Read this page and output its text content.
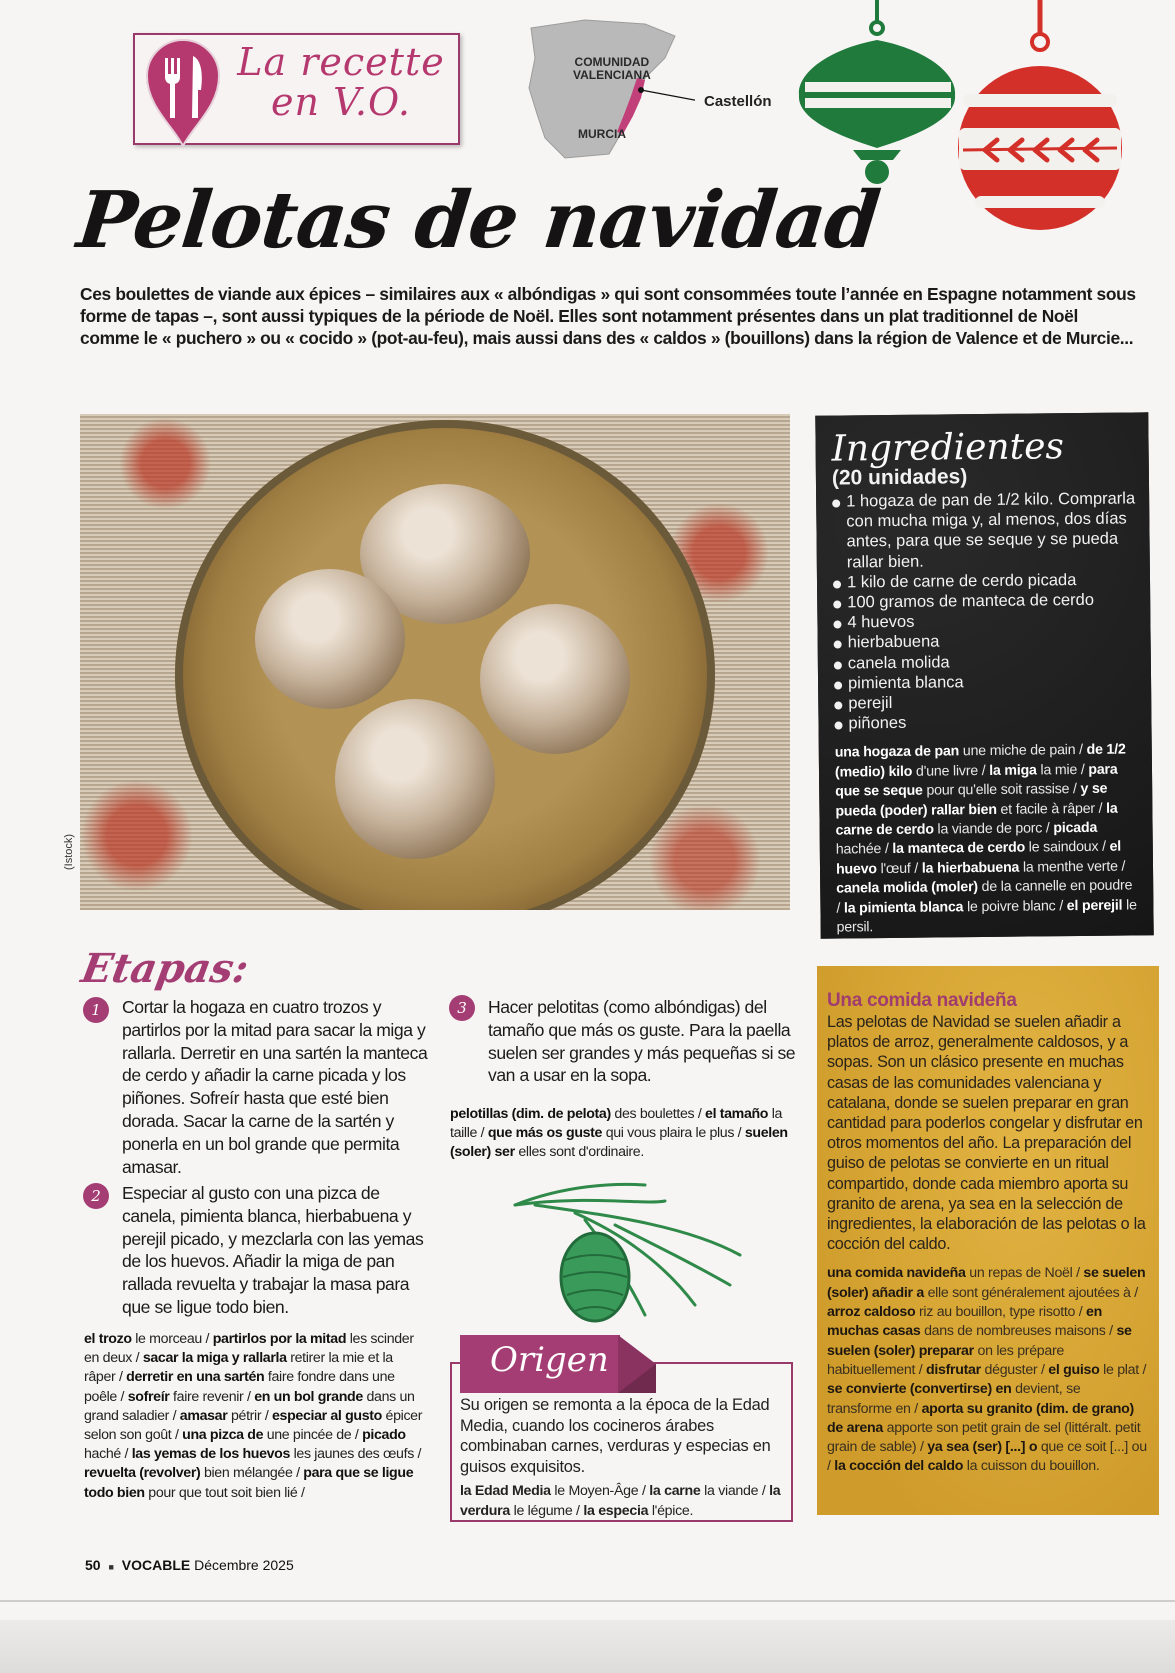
La recette
en V.O.
COMUNIDAD
VALENCIANA
MURCIA
Castellón
Pelotas de navidad

Ces boulettes de viande aux épices – similaires aux « albóndigas » qui sont consommées toute l’année en Espagne notamment sous forme de tapas –, sont aussi typiques de la période de Noël. Elles sont notamment présentes dans un plat traditionnel de Noël comme le « puchero » ou « cocido » (pot-au-feu), mais aussi dans des « caldos » (bouillons) dans la région de Valence et de Murcie...

(Istock)
Ingredientes
(20 unidades)
1 hogaza de pan de 1/2 kilo. Comprarla con mucha miga y, al menos, dos días antes, para que se seque y se pueda rallar bien.
1 kilo de carne de cerdo picada
100 gramos de manteca de cerdo
4 huevos
hierbabuena
canela molida
pimienta blanca
perejil
piñones

una hogaza de pan une miche de pain / de 1/2 (medio) kilo d'une livre / la miga la mie / para que se seque pour qu'elle soit rassise / y se pueda (poder) rallar bien et facile à râper / la carne de cerdo la viande de porc / picada hachée / la manteca de cerdo le saindoux / el huevo l'œuf / la hierbabuena la menthe verte / canela molida (moler) de la cannelle en poudre / la pimienta blanca le poivre blanc / el perejil le persil.

Etapas:
1	Cortar la hogaza en cuatro trozos y partirlos por la mitad para sacar la miga y rallarla. Derretir en una sartén la manteca de cerdo y añadir la carne picada y los piñones. Sofreír hasta que esté bien dorada. Sacar la carne de la sartén y ponerla en un bol grande que permita amasar.

2	Especiar al gusto con una pizca de canela, pimienta blanca, hierbabuena y perejil picado, y mezclarla con las yemas de los huevos. Añadir la miga de pan rallada revuelta y trabajar la masa para que se ligue todo bien.

el trozo le morceau / partirlos por la mitad les scinder en deux / sacar la miga y rallarla retirer la mie et la râper / derretir en una sartén faire fondre dans une poêle / sofreír faire revenir / en un bol grande dans un grand saladier / amasar pétrir / especiar al gusto épicer selon son goût / una pizca de une pincée de / picado haché / las yemas de los huevos les jaunes des œufs / revuelta (revolver) bien mélangée / para que se ligue todo bien pour que tout soit bien lié /

3	Hacer pelotitas (como albóndigas) del tamaño que más os guste. Para la paella suelen ser grandes y más pequeñas si se van a usar en la sopa.

pelotillas (dim. de pelota) des boulettes / el tamaño la taille / que más os guste qui vous plaira le plus / suelen (soler) ser elles sont d'ordinaire.

Origen

Su origen se remonta a la época de la Edad Media, cuando los cocineros árabes combinaban carnes, verduras y especias en guisos exquisitos.

la Edad Media le Moyen-Âge / la carne la viande / la verdura le légume / la especia l'épice.

Una comida navideña

Las pelotas de Navidad se suelen añadir a platos de arroz, generalmente caldosos, y a sopas. Son un clásico presente en muchas casas de las comunidades valenciana y catalana, donde se suelen preparar en gran cantidad para poderlos congelar y disfrutar en otros momentos del año. La preparación del guiso de pelotas se convierte en un ritual compartido, donde cada miembro aporta su granito de arena, ya sea en la selección de ingredientes, la elaboración de las pelotas o la cocción del caldo.

una comida navideña un repas de Noël / se suelen (soler) añadir a elle sont généralement ajoutées à / arroz caldoso riz au bouillon, type risotto / en muchas casas dans de nombreuses maisons / se suelen (soler) preparar on les prépare habituellement / disfrutar déguster / el guiso le plat / se convierte (convertirse) en devient, se transforme en / aporta su granito (dim. de grano) de arena apporte son petit grain de sel (littéralt. petit grain de sable) / ya sea (ser) [...] o que ce soit [...] ou / la cocción del caldo la cuisson du bouillon.

50 ■ VOCABLE Décembre 2025
